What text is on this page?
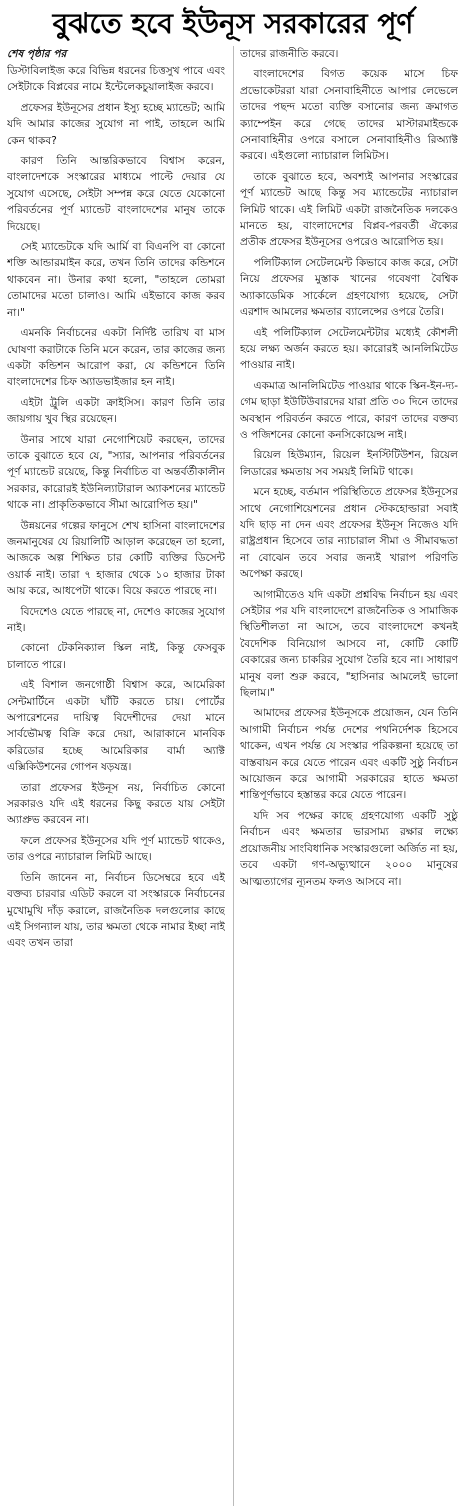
বুঝতে হবে ইউনূস সরকারের পূর্ণ
শেষ পৃষ্ঠার পর

ডিস্টাবিলাইজ করে বিভিন্ন ধরনের চিত্তসুখ পাবে এবং সেইটাকে বিপ্লবের নামে ইন্টেলেকচুয়ালাইজ করবে।

প্রফেসর ইউনূসের প্রধান ইস্যু হচ্ছে ম্যান্ডেট; আমি যদি আমার কাজের সুযোগ না পাই, তাহলে আমি কেন থাকব?

কারণ তিনি আন্তরিকভাবে বিশ্বাস করেন, বাংলাদেশকে সংস্কারের মাধ্যমে পাল্টে দেয়ার যে সুযোগ এসেছে, সেইটা সম্পন্ন করে যেতে যেকোনো পরিবর্তনের পূর্ণ ম্যান্ডেট বাংলাদেশের মানুষ তাকে দিয়েছে।

সেই ম্যান্ডেটকে যদি আর্মি বা বিএনপি বা কোনো শক্তি আন্ডারমাইন করে, তখন তিনি তাদের কন্ডিশনে থাকবেন না। উনার কথা হলো, "তাহলে তোমরা তোমাদের মতো চালাও। আমি এইভাবে কাজ করব না।"

এমনকি নির্বাচনের একটা নির্দিষ্ট তারিখ বা মাস ঘোষণা করাটাকে তিনি মনে করেন, তার কাজের জন্য একটা কন্ডিশন আরোপ করা, যে কন্ডিশনে তিনি বাংলাদেশের চিফ অ্যাডভাইজার হন নাই।

এইটা ট্রুলি একটা ক্রাইসিস। কারণ তিনি তার জায়গায় খুব স্থির রয়েছেন।

উনার সাথে যারা নেগোশিয়েট করছেন, তাদের তাকে বুঝাতে হবে যে, "স্যার, আপনার পরিবর্তনের পূর্ণ ম্যান্ডেট রয়েছে, কিন্তু নির্বাচিত বা অন্তর্বর্তীকালীন সরকার, কারোরই ইউনিল্যাটারাল অ্যাকশনের ম্যান্ডেট থাকে না। প্রাকৃতিকভাবে সীমা আরোপিত হয়।"

উন্নয়নের গল্পের ফানুসে শেখ হাসিনা বাংলাদেশের জনমানুষের যে রিয়ালিটি আড়াল করেছেন তা হলো, আজকে অল্প শিক্ষিত চার কোটি ব্যক্তির ডিসেন্ট ওয়ার্ক নাই। তারা ৭ হাজার থেকে ১০ হাজার টাকা আয় করে, আধপেটা থাকে। বিয়ে করতে পারছে না।

বিদেশেও যেতে পারছে না, দেশেও কাজের সুযোগ নাই।

কোনো টেকনিক্যাল স্কিল নাই, কিন্তু ফেসবুক চালাতে পারে।

এই বিশাল জনগোষ্ঠী বিশ্বাস করে, আমেরিকা সেন্টমার্টিনে একটা ঘাঁটি করতে চায়। পোর্টের অপারেশনের দায়িত্ব বিদেশীদের দেয়া মানে সার্বভৌমত্ব বিক্রি করে দেয়া, আরাকানে মানবিক করিডোর হচ্ছে আমেরিকার বার্মা অ্যাক্ট এক্সিকিউশনের গোপন ষড়যন্ত্র।

তারা প্রফেসর ইউনূস নয়, নির্বাচিত কোনো সরকারও যদি এই ধরনের কিছু করতে যায় সেইটা অ্যাপ্রুভ করবেন না।

ফলে প্রফেসর ইউনূসের যদি পূর্ণ ম্যান্ডেট থাকেও, তার ওপরে ন্যাচারাল লিমিট আছে।

তিনি জানেন না, নির্বাচন ডিসেম্বরে হবে এই বক্তব্য চারবার এডিট করলে বা সংস্কারকে নির্বাচনের মুখোমুখি দাঁড় করালে, রাজনৈতিক দলগুলোর কাছে এই সিগন্যাল যায়, তার ক্ষমতা থেকে নামার ইচ্ছা নাই এবং তখন তারা

তাদের রাজনীতি করবে।

বাংলাদেশের বিগত কয়েক মাসে চিফ প্রভোকেটররা যারা সেনাবাহিনীতে আপার লেভেলে তাদের পছন্দ মতো ব্যক্তি বসানোর জন্য ক্রমাগত ক্যাম্পেইন করে গেছে তাদের মাস্টারমাইন্ডকে সেনাবাহিনীর ওপরে বসালে সেনাবাহিনীও রিঅ্যাক্ট করবে। এইগুলো ন্যাচারাল লিমিটস।

তাকে বুঝাতে হবে, অবশ্যই আপনার সংস্কারের পূর্ণ ম্যান্ডেট আছে কিন্তু সব ম্যান্ডেটের ন্যাচারাল লিমিট থাকে। এই লিমিট একটা রাজনৈতিক দলকেও মানতে হয়, বাংলাদেশের বিপ্লব-পরবর্তী ঐক্যের প্রতীক প্রফেসর ইউনূসের ওপরেও আরোপিত হয়।

পলিটিক্যাল সেটেলমেন্ট কিভাবে কাজ করে, সেটা নিয়ে প্রফেসর মুস্তাক খানের গবেষণা বৈশ্বিক অ্যাকাডেমিক সার্কেলে গ্রহণযোগ্য হয়েছে, সেটা এরশাদ আমলের ক্ষমতার ব্যালেন্সের ওপরে তৈরি।

এই পলিটিক্যাল সেটেলমেন্টটার মধ্যেই কৌশলী হয়ে লক্ষ্য অর্জন করতে হয়। কারোরই আনলিমিটেড পাওয়ার নাই।

একমাত্র আনলিমিটেড পাওয়ার থাকে স্কিন-ইন-দ্য-গেম ছাড়া ইউটিউবারদের যারা প্রতি ৩০ দিনে তাদের অবস্থান পরিবর্তন করতে পারে, কারণ তাদের বক্তব্য ও পজিশনের কোনো কনসিকোয়েন্স নাই।

রিয়েল হিউম্যান, রিয়েল ইনস্টিটিউশন, রিয়েল লিডারের ক্ষমতায় সব সময়ই লিমিট থাকে।

মনে হচ্ছে, বর্তমান পরিস্থিতিতে প্রফেসর ইউনূসের সাথে নেগোশিয়েশনের প্রধান স্টেকহোল্ডারা সবাই যদি ছাড় না দেন এবং প্রফেসর ইউনূস নিজেও যদি রাষ্ট্রপ্রধান হিসেবে তার ন্যাচারাল সীমা ও সীমাবদ্ধতা না বোঝেন তবে সবার জন্যই খারাপ পরিণতি অপেক্ষা করছে।

আগামীতেও যদি একটা প্রশ্নবিদ্ধ নির্বাচন হয় এবং সেইটার পর যদি বাংলাদেশে রাজনৈতিক ও সামাজিক স্থিতিশীলতা না আসে, তবে বাংলাদেশে কখনই বৈদেশিক বিনিয়োগ আসবে না, কোটি কোটি বেকারের জন্য চাকরির সুযোগ তৈরি হবে না। সাধারণ মানুষ বলা শুরু করবে, "হাসিনার আমলেই ভালো ছিলাম।"

আমাদের প্রফেসর ইউনূসকে প্রয়োজন, যেন তিনি আগামী নির্বাচন পর্যন্ত দেশের পথনির্দেশক হিসেবে থাকেন, এখন পর্যন্ত যে সংস্কার পরিকল্পনা হয়েছে তা বাস্তবায়ন করে যেতে পারেন এবং একটি সুষ্ঠু নির্বাচন আয়োজন করে আগামী সরকারের হাতে ক্ষমতা শান্তিপূর্ণভাবে হস্তান্তর করে যেতে পারেন।

যদি সব পক্ষের কাছে গ্রহণযোগ্য একটি সুষ্ঠু নির্বাচন এবং ক্ষমতার ভারসাম্য রক্ষার লক্ষ্যে প্রয়োজনীয় সাংবিধানিক সংস্কারগুলো অর্জিত না হয়, তবে একটা গণ-অভ্যুত্থানে ২০০০ মানুষের আত্মত্যাগের ন্যূনতম ফলও আসবে না।
